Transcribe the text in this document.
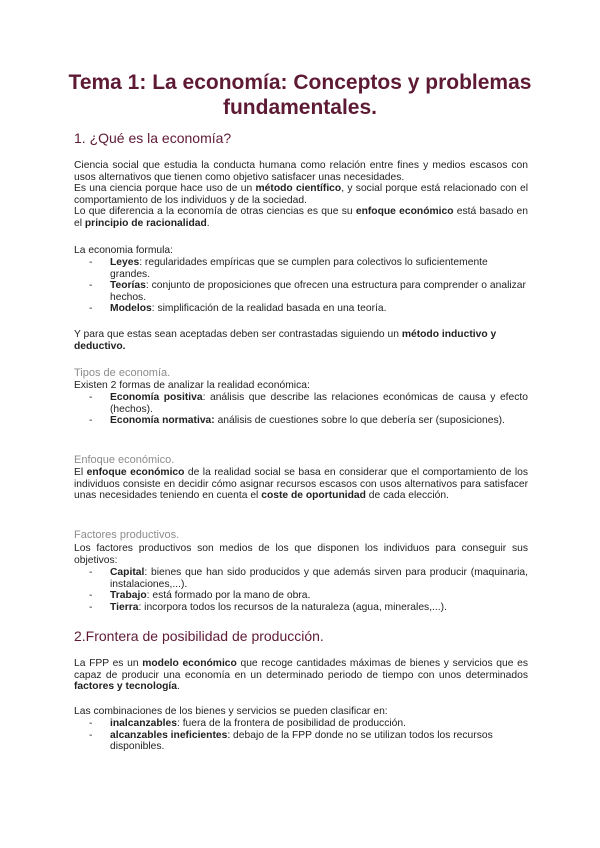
Tema 1: La economía: Conceptos y problemas fundamentales.
1. ¿Qué es la economía?
Ciencia social que estudia la conducta humana como relación entre fines y medios escasos con usos alternativos que tienen como objetivo satisfacer unas necesidades.
Es una ciencia porque hace uso de un método científico, y social porque está relacionado con el comportamiento de los individuos y de la sociedad.
Lo que diferencia a la economía de otras ciencias es que su enfoque económico está basado en el principio de racionalidad.

La economia formula:

- Leyes: regularidades empíricas que se cumplen para colectivos lo suficientemente grandes.
- Teorías: conjunto de proposiciones que ofrecen una estructura para comprender o analizar hechos.
- Modelos: simplificación de la realidad basada en una teoría.

Y para que estas sean aceptadas deben ser contrastadas siguiendo un método inductivo y deductivo.

Tipos de economía.

Existen 2 formas de analizar la realidad económica:

- Economía positiva: análisis que describe las relaciones económicas de causa y efecto (hechos).
- Economía normativa: análisis de cuestiones sobre lo que debería ser (suposiciones).
Enfoque económico.

El enfoque económico de la realidad social se basa en considerar que el comportamiento de los individuos consiste en decidir cómo asignar recursos escasos con usos alternativos para satisfacer unas necesidades teniendo en cuenta el coste de oportunidad de cada elección.

Factores productivos.

Los factores productivos son medios de los que disponen los individuos para conseguir sus objetivos:

- Capital: bienes que han sido producidos y que además sirven para producir (maquinaria, instalaciones,...).
- Trabajo: está formado por la mano de obra.
- Tierra: incorpora todos los recursos de la naturaleza (agua, minerales,...).
2.Frontera de posibilidad de producción.

La FPP es un modelo económico que recoge cantidades máximas de bienes y servicios que es capaz de producir una economía en un determinado periodo de tiempo con unos determinados factores y tecnología.

Las combinaciones de los bienes y servicios se pueden clasificar en:

- inalcanzables: fuera de la frontera de posibilidad de producción.
- alcanzables ineficientes: debajo de la FPP donde no se utilizan todos los recursos disponibles.
